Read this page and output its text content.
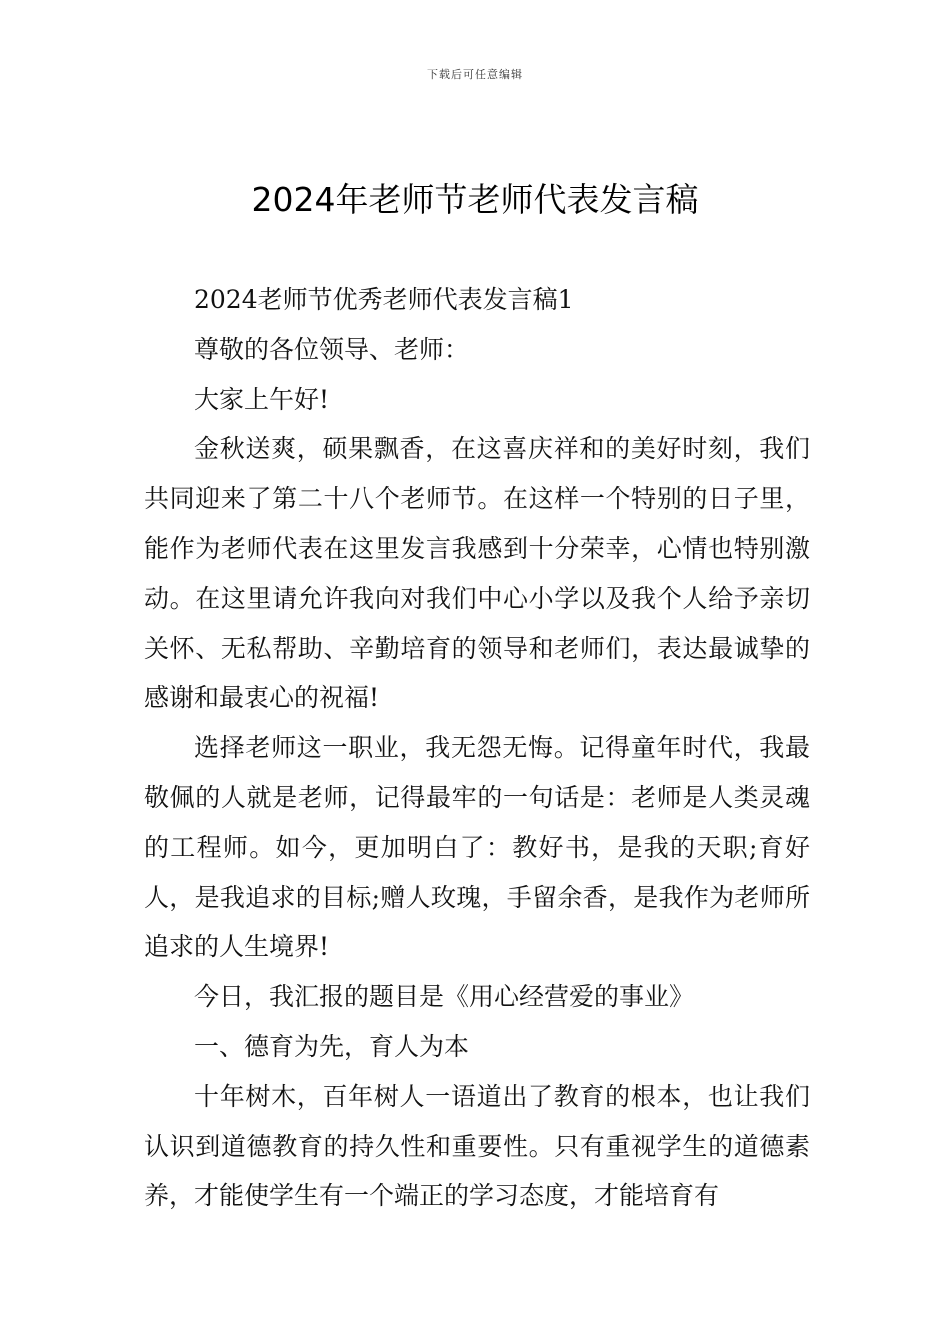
下载后可任意编辑
2024年老师节老师代表发言稿

2024老师节优秀老师代表发言稿1

尊敬的各位领导、老师：

大家上午好!

金秋送爽，硕果飘香，在这喜庆祥和的美好时刻，我们共同迎来了第二十八个老师节。在这样一个特别的日子里，能作为老师代表在这里发言我感到十分荣幸，心情也特别激动。在这里请允许我向对我们中心小学以及我个人给予亲切关怀、无私帮助、辛勤培育的领导和老师们，表达最诚挚的感谢和最衷心的祝福!

选择老师这一职业，我无怨无悔。记得童年时代，我最敬佩的人就是老师，记得最牢的一句话是：老师是人类灵魂的工程师。如今，更加明白了：教好书，是我的天职;育好人，是我追求的目标;赠人玫瑰，手留余香，是我作为老师所追求的人生境界!

今日，我汇报的题目是《用心经营爱的事业》

一、德育为先，育人为本

十年树木，百年树人一语道出了教育的根本，也让我们认识到道德教育的持久性和重要性。只有重视学生的道德素养，才能使学生有一个端正的学习态度，才能培育有
